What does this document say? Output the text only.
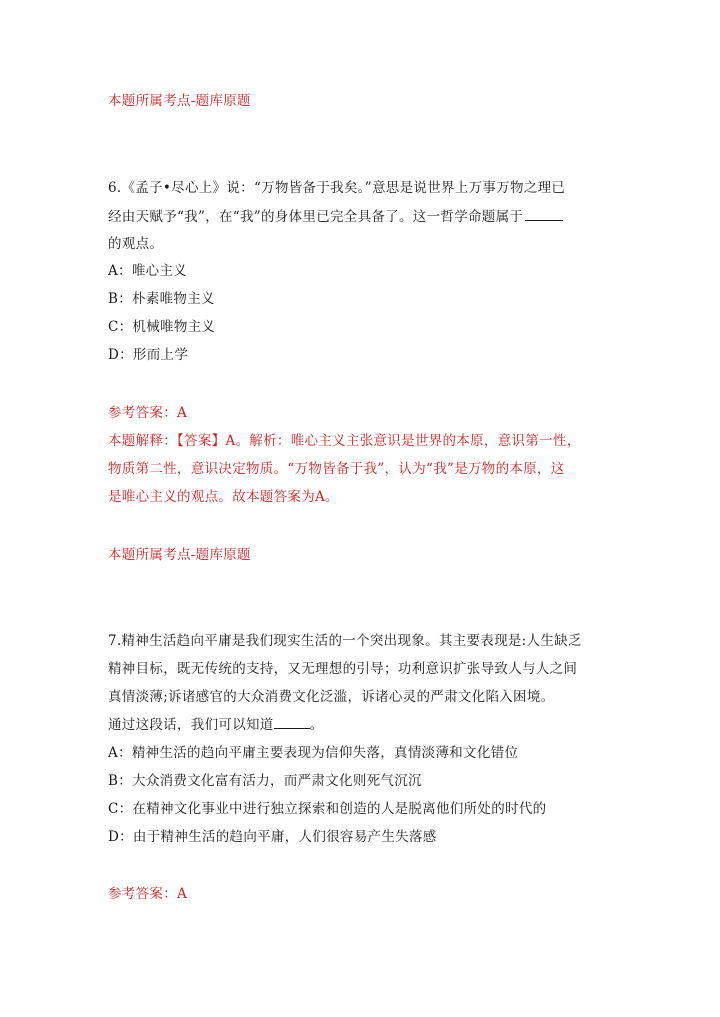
本题所属考点-题库原题
6.《孟子•尽心上》说：“万物皆备于我矣。”意思是说世界上万事万物之理已
经由天赋予“我”，在“我”的身体里已完全具备了。这一哲学命题属于
的观点。
A：唯心主义
B：朴素唯物主义
C：机械唯物主义
D：形而上学
参考答案：A
本题解释：【答案】A。解析：唯心主义主张意识是世界的本原，意识第一性，
物质第二性，意识决定物质。“万物皆备于我”，认为“我”是万物的本原，这
是唯心主义的观点。故本题答案为A。
本题所属考点-题库原题
7.精神生活趋向平庸是我们现实生活的一个突出现象。其主要表现是:人生缺乏
精神目标，既无传统的支持，又无理想的引导；功利意识扩张导致人与人之间
真情淡薄;诉诸感官的大众消费文化泛滥，诉诸心灵的严肃文化陷入困境。
通过这段话，我们可以知道	。
A：精神生活的趋向平庸主要表现为信仰失落，真情淡薄和文化错位
B：大众消费文化富有活力，而严肃文化则死气沉沉
C：在精神文化事业中进行独立探索和创造的人是脱离他们所处的时代的
D：由于精神生活的趋向平庸，人们很容易产生失落感
参考答案：A
